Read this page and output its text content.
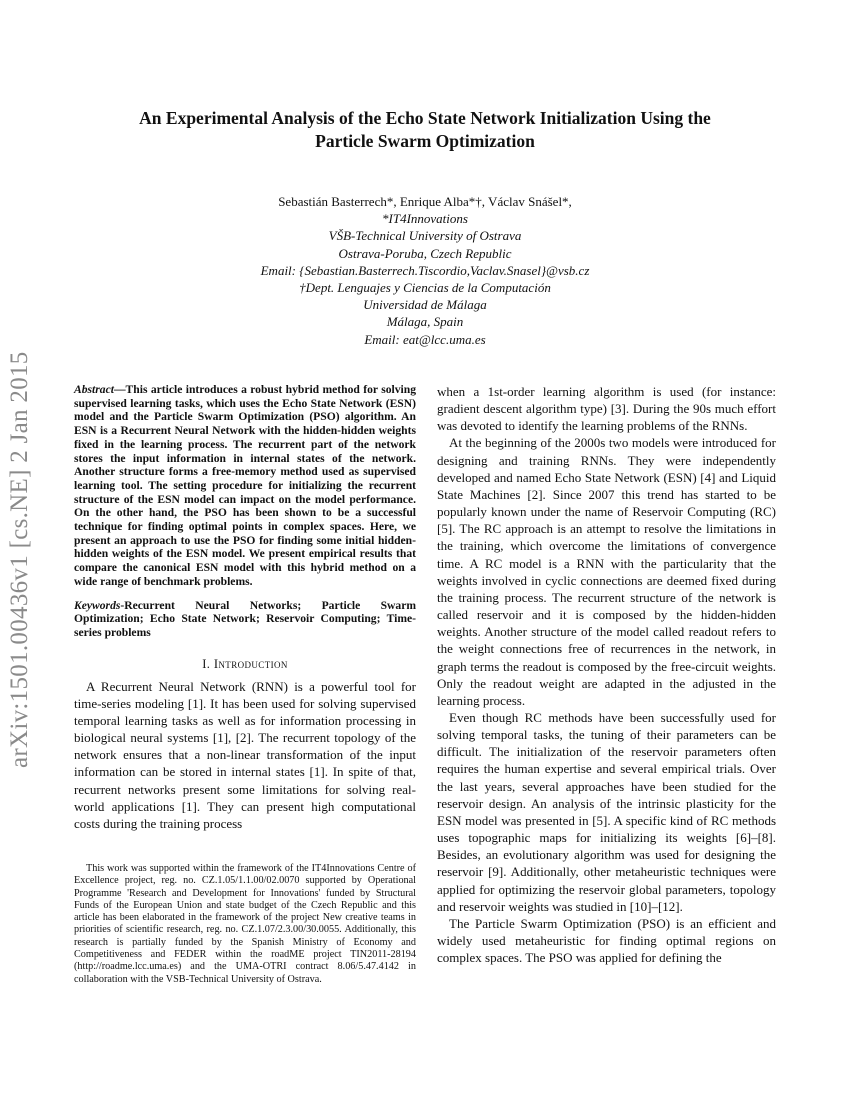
arXiv:1501.00436v1 [cs.NE] 2 Jan 2015
An Experimental Analysis of the Echo State Network Initialization Using the
Particle Swarm Optimization
Sebastián Basterrech*, Enrique Alba*†, Václav Snášel*,
*IT4Innovations
VŠB-Technical University of Ostrava
Ostrava-Poruba, Czech Republic
Email: {Sebastian.Basterrech.Tiscordio,Vaclav.Snasel}@vsb.cz
†Dept. Lenguajes y Ciencias de la Computación
Universidad de Málaga
Málaga, Spain
Email: eat@lcc.uma.es

Abstract—This article introduces a robust hybrid method for solving supervised learning tasks, which uses the Echo State Network (ESN) model and the Particle Swarm Optimization (PSO) algorithm. An ESN is a Recurrent Neural Network with the hidden-hidden weights fixed in the learning process. The recurrent part of the network stores the input information in internal states of the network. Another structure forms a free-memory method used as supervised learning tool. The setting procedure for initializing the recurrent structure of the ESN model can impact on the model performance. On the other hand, the PSO has been shown to be a successful technique for finding optimal points in complex spaces. Here, we present an approach to use the PSO for finding some initial hidden-hidden weights of the ESN model. We present empirical results that compare the canonical ESN model with this hybrid method on a wide range of benchmark problems.

Keywords-Recurrent Neural Networks; Particle Swarm Optimization; Echo State Network; Reservoir Computing; Time-series problems

I. Introduction

A Recurrent Neural Network (RNN) is a powerful tool for time-series modeling [1]. It has been used for solving supervised temporal learning tasks as well as for information processing in biological neural systems [1], [2]. The recurrent topology of the network ensures that a non-linear transformation of the input information can be stored in internal states [1]. In spite of that, recurrent networks present some limitations for solving real-world applications [1]. They can present high computational costs during the training process

This work was supported within the framework of the IT4Innovations Centre of Excellence project, reg. no. CZ.1.05/1.1.00/02.0070 supported by Operational Programme 'Research and Development for Innovations' funded by Structural Funds of the European Union and state budget of the Czech Republic and this article has been elaborated in the framework of the project New creative teams in priorities of scientific research, reg. no. CZ.1.07/2.3.00/30.0055. Additionally, this research is partially funded by the Spanish Ministry of Economy and Competitiveness and FEDER within the roadME project TIN2011-28194 (http://roadme.lcc.uma.es) and the UMA-OTRI contract 8.06/5.47.4142 in collaboration with the VSB-Technical University of Ostrava.

when a 1st-order learning algorithm is used (for instance: gradient descent algorithm type) [3]. During the 90s much effort was devoted to identify the learning problems of the RNNs.

At the beginning of the 2000s two models were introduced for designing and training RNNs. They were independently developed and named Echo State Network (ESN) [4] and Liquid State Machines [2]. Since 2007 this trend has started to be popularly known under the name of Reservoir Computing (RC) [5]. The RC approach is an attempt to resolve the limitations in the training, which overcome the limitations of convergence time. A RC model is a RNN with the particularity that the weights involved in cyclic connections are deemed fixed during the training process. The recurrent structure of the network is called reservoir and it is composed by the hidden-hidden weights. Another structure of the model called readout refers to the weight connections free of recurrences in the network, in graph terms the readout is composed by the free-circuit weights. Only the readout weight are adapted in the adjusted in the learning process.

Even though RC methods have been successfully used for solving temporal tasks, the tuning of their parameters can be difficult. The initialization of the reservoir parameters often requires the human expertise and several empirical trials. Over the last years, several approaches have been studied for the reservoir design. An analysis of the intrinsic plasticity for the ESN model was presented in [5]. A specific kind of RC methods uses topographic maps for initializing its weights [6]–[8]. Besides, an evolutionary algorithm was used for designing the reservoir [9]. Additionally, other metaheuristic techniques were applied for optimizing the reservoir global parameters, topology and reservoir weights was studied in [10]–[12].

The Particle Swarm Optimization (PSO) is an efficient and widely used metaheuristic for finding optimal regions on complex spaces. The PSO was applied for defining the
